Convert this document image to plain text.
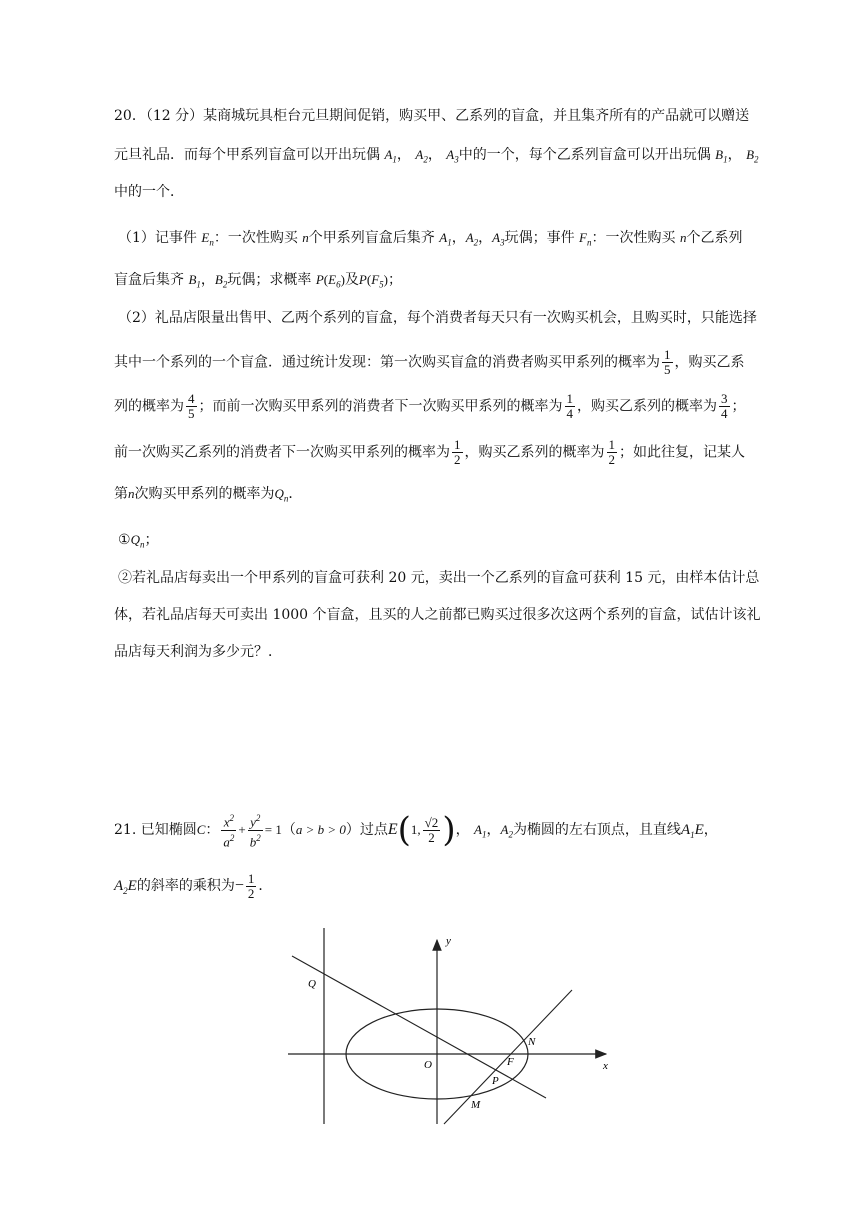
20．（12 分）某商城玩具柜台元旦期间促销，购买甲、乙系列的盲盒，并且集齐所有的产品就可以赠送
元旦礼品．而每个甲系列盲盒可以开出玩偶 $A_1$， $A_2$， $A_3$中的一个，每个乙系列盲盒可以开出玩偶 $B_1$， $B_2$
中的一个．
（1）记事件 $E_n$：一次性购买 n个甲系列盲盒后集齐 $A_1$，$A_2$，$A_3$玩偶；事件 $F_n$：一次性购买 n个乙系列
盲盒后集齐 $B_1$，$B_2$玩偶；求概率 $P(E_6)$及$P(F_5)$；
（2）礼品店限量出售甲、乙两个系列的盲盒，每个消费者每天只有一次购买机会，且购买时，只能选择
其中一个系列的一个盲盒．通过统计发现：第一次购买盲盒的消费者购买甲系列的概率为 $\frac{1}{5}$ ，购买乙系
列的概率为 $\frac{4}{5}$ ；而前一次购买甲系列的消费者下一次购买甲系列的概率为 $\frac{1}{4}$ ，购买乙系列的概率为 $\frac{3}{4}$ ；
前一次购买乙系列的消费者下一次购买甲系列的概率为 $\frac{1}{2}$ ，购买乙系列的概率为 $\frac{1}{2}$ ；如此往复，记某人
第n次购买甲系列的概率为$Q_n$．
$①Q_n$；
②若礼品店每卖出一个甲系列的盲盒可获利 20 元，卖出一个乙系列的盲盒可获利 15 元，由样本估计总
体，若礼品店每天可卖出 1000 个盲盒，且买的人之前都已购买过很多次这两个系列的盲盒，试估计该礼
品店每天利润为多少元？．
21. 已知椭圆C： $\frac{x^2}{a^2} + \frac{y^2}{b^2} = 1(a > b > 0)$过点E(1, $\frac{√2}{2}$ )， $A_1$，$A_2$为椭圆的左右顶点，且直线$A_1E$，
$A_2E$的斜率的乘积为− $\frac{1}{2}$ ．
y
x
Q
O	F
N
P
M
